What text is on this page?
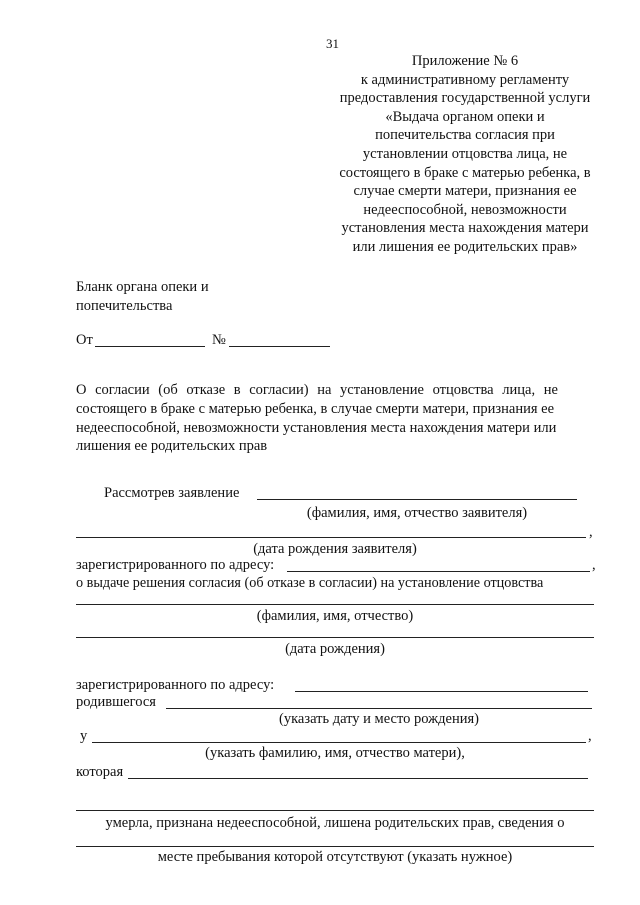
31
Приложение № 6
к административному регламенту
предоставления государственной услуги
«Выдача органом опеки и
попечительства согласия при
установлении отцовства лица, не
состоящего в браке с матерью ребенка, в
случае смерти матери, признания ее
недееспособной, невозможности
установления места нахождения матери
или лишения ее родительских прав»
Бланк органа опеки и
попечительства
От	№
О согласии (об отказе в согласии) на установление отцовства лица, не
состоящего в браке с матерью ребенка, в случае смерти матери, признания ее
недееспособной, невозможности установления места нахождения матери или
лишения ее родительских прав
Рассмотрев заявление
(фамилия, имя, отчество заявителя)
,
(дата рождения заявителя)
зарегистрированного по адресу:	,
о выдаче решения согласия (об отказе в согласии) на установление отцовства
(фамилия, имя, отчество)
(дата рождения)
зарегистрированного по адресу:
родившегося
(указать дату и место рождения)
у	,
(указать фамилию, имя, отчество матери),
которая
умерла, признана недееспособной, лишена родительских прав, сведения о
месте пребывания которой отсутствуют (указать нужное)
